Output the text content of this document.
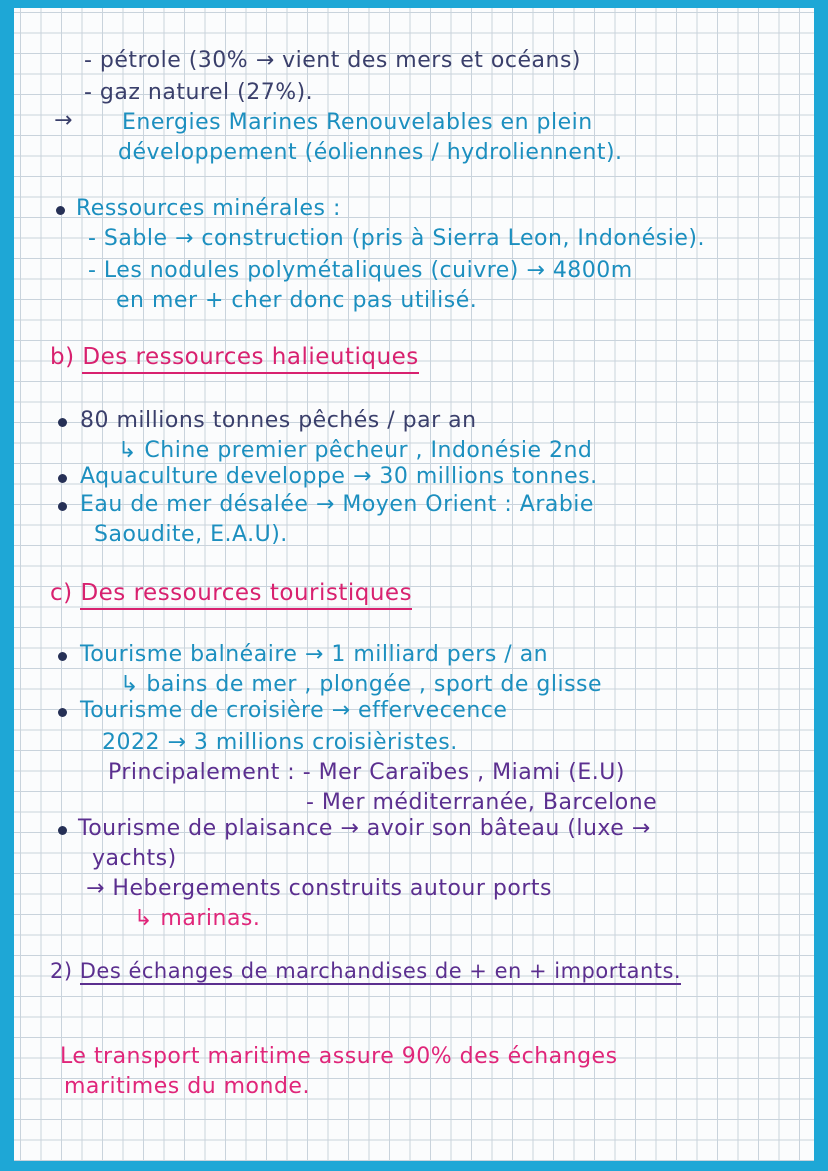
- pétrole (30% → vient des mers et océans)
- gaz naturel (27%).
→ Energies Marines Renouvelables en plein
développement (éoliennes / hydroliennent).
Ressources minérales :
- Sable → construction (pris à Sierra Leon, Indonésie).
- Les nodules polymétaliques (cuivre) → 4800m
en mer + cher donc pas utilisé.
b) Des ressources halieutiques
80 millions tonnes pêchés / par an
↳ Chine premier pêcheur , Indonésie 2nd
Aquaculture developpe → 30 millions tonnes.
Eau de mer désalée → Moyen Orient : Arabie
Saoudite, E.A.U).
c) Des ressources touristiques
Tourisme balnéaire → 1 milliard pers / an
↳ bains de mer , plongée , sport de glisse
Tourisme de croisière → effervecence
2022 → 3 millions croisièristes.
Principalement : - Mer Caraïbes , Miami (E.U)
- Mer méditerranée, Barcelone
Tourisme de plaisance → avoir son bâteau (luxe →
yachts)
→ Hebergements construits autour ports
↳ marinas.
2) Des échanges de marchandises de + en + importants.
Le transport maritime assure 90% des échanges
maritimes du monde.
